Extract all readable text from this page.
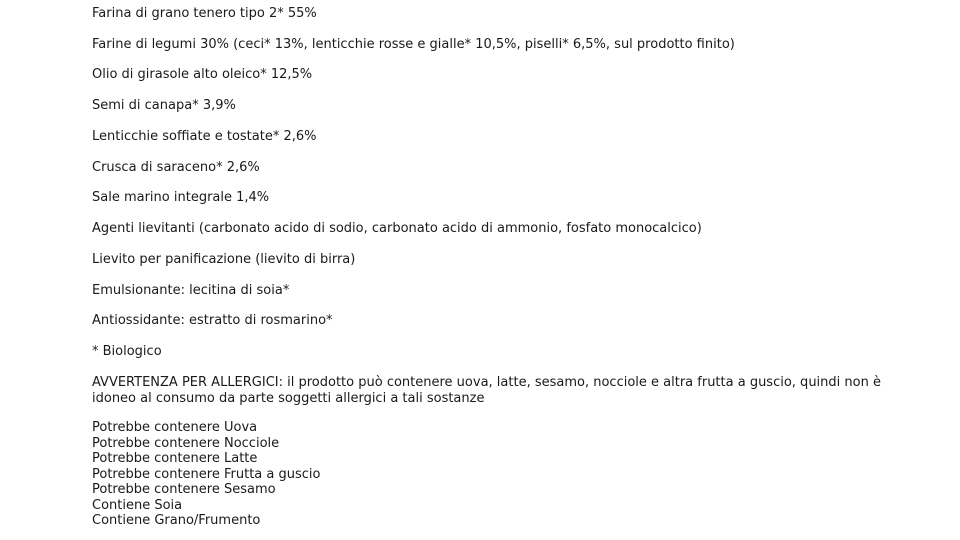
Farina di grano tenero tipo 2* 55%
Farine di legumi 30% (ceci* 13%, lenticchie rosse e gialle* 10,5%, piselli* 6,5%, sul prodotto finito)
Olio di girasole alto oleico* 12,5%
Semi di canapa* 3,9%
Lenticchie soffiate e tostate* 2,6%
Crusca di saraceno* 2,6%
Sale marino integrale 1,4%
Agenti lievitanti (carbonato acido di sodio, carbonato acido di ammonio, fosfato monocalcico)
Lievito per panificazione (lievito di birra)
Emulsionante: lecitina di soia*
Antiossidante: estratto di rosmarino*
* Biologico
AVVERTENZA PER ALLERGICI: il prodotto può contenere uova, latte, sesamo, nocciole e altra frutta a guscio, quindi non è idoneo al consumo da parte soggetti allergici a tali sostanze
Potrebbe contenere Uova
Potrebbe contenere Nocciole
Potrebbe contenere Latte
Potrebbe contenere Frutta a guscio
Potrebbe contenere Sesamo
Contiene Soia
Contiene Grano/Frumento
